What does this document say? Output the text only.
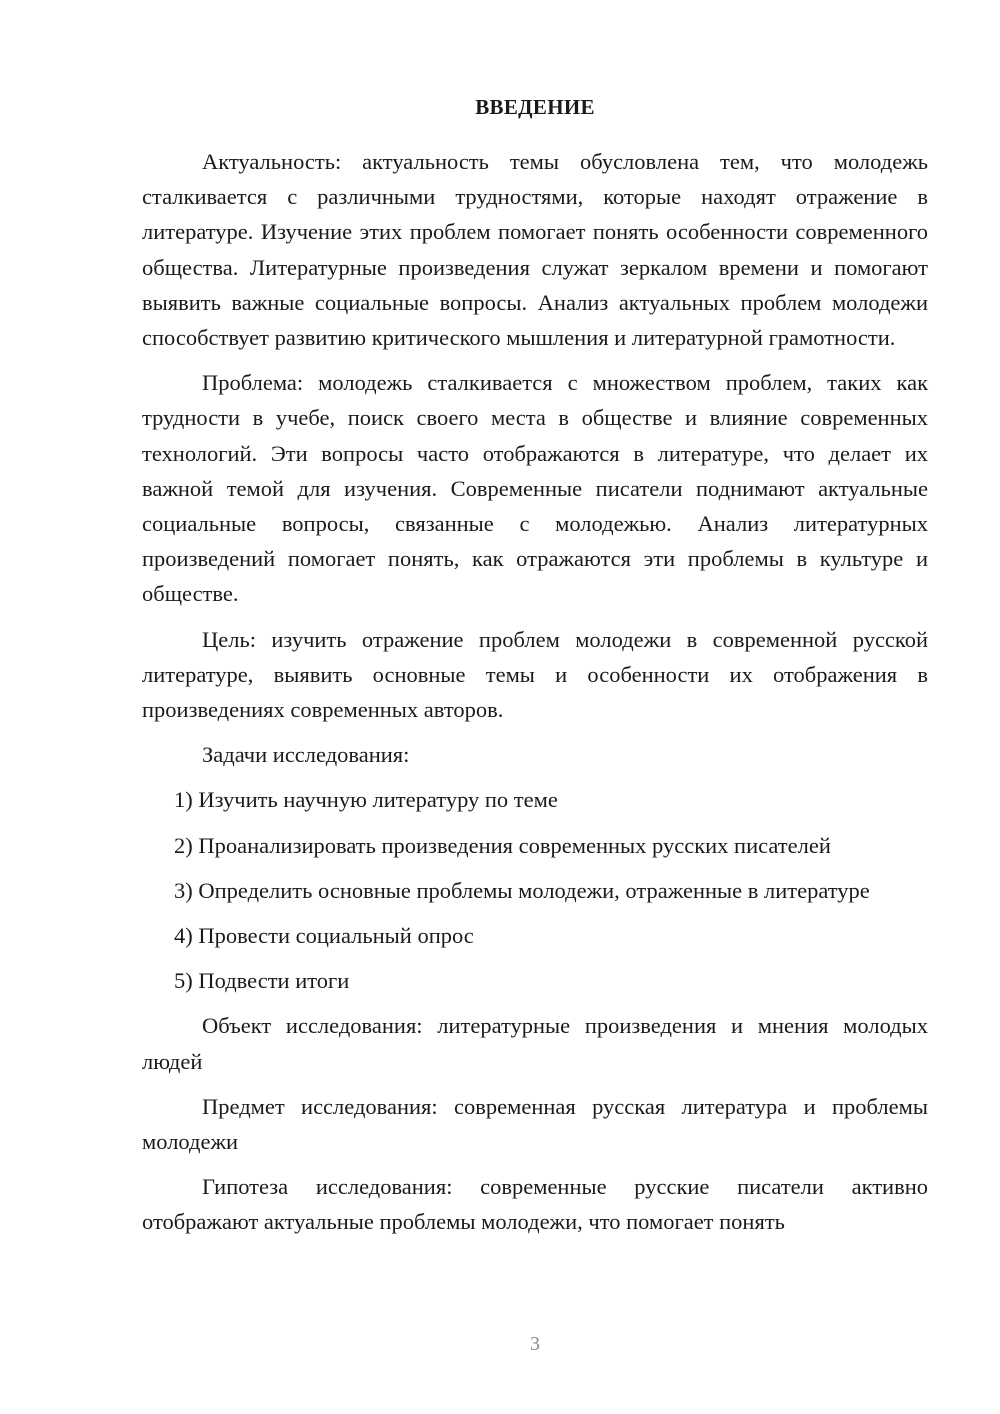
ВВЕДЕНИЕ

Актуальность: актуальность темы обусловлена тем, что молодежь сталкивается с различными трудностями, которые находят отражение в литературе. Изучение этих проблем помогает понять особенности современного общества. Литературные произведения служат зеркалом времени и помогают выявить важные социальные вопросы. Анализ актуальных проблем молодежи способствует развитию критического мышления и литературной грамотности.

Проблема: молодежь сталкивается с множеством проблем, таких как трудности в учебе, поиск своего места в обществе и влияние современных технологий. Эти вопросы часто отображаются в литературе, что делает их важной темой для изучения. Современные писатели поднимают актуальные социальные вопросы, связанные с молодежью. Анализ литературных произведений помогает понять, как отражаются эти проблемы в культуре и обществе.

Цель: изучить отражение проблем молодежи в современной русской литературе, выявить основные темы и особенности их отображения в произведениях современных авторов.

Задачи исследования:

1) Изучить научную литературу по теме

2) Проанализировать произведения современных русских писателей

3) Определить основные проблемы молодежи, отраженные в литературе

4) Провести социальный опрос

5) Подвести итоги

Объект исследования: литературные произведения и мнения молодых людей

Предмет исследования: современная русская литература и проблемы молодежи

Гипотеза исследования: современные русские писатели активно отображают актуальные проблемы молодежи, что помогает понять

3
